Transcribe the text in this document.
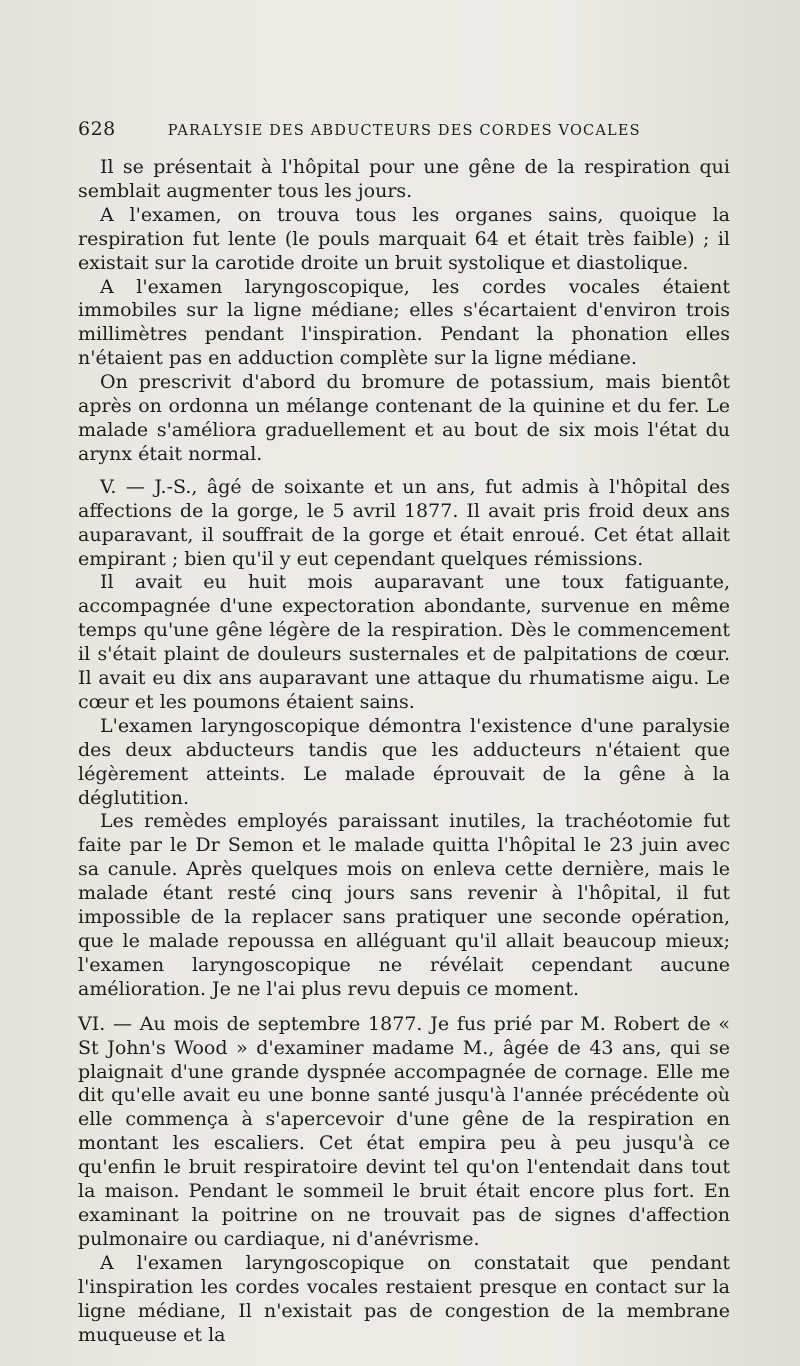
628	PARALYSIE DES ABDUCTEURS DES CORDES VOCALES

Il se présentait à l'hôpital pour une gêne de la respiration qui semblait augmenter tous les jours.

A l'examen, on trouva tous les organes sains, quoique la respiration fut lente (le pouls marquait 64 et était très faible) ; il existait sur la carotide droite un bruit systolique et diastolique.

A l'examen laryngoscopique, les cordes vocales étaient immobiles sur la ligne médiane; elles s'écartaient d'environ trois millimètres pendant l'inspiration. Pendant la phonation elles n'étaient pas en adduction complète sur la ligne médiane.

On prescrivit d'abord du bromure de potassium, mais bientôt après on ordonna un mélange contenant de la quinine et du fer. Le malade s'améliora graduellement et au bout de six mois l'état du arynx était normal.

V. — J.-S., âgé de soixante et un ans, fut admis à l'hôpital des affections de la gorge, le 5 avril 1877. Il avait pris froid deux ans auparavant, il souffrait de la gorge et était enroué. Cet état allait empirant ; bien qu'il y eut cependant quelques rémissions.

Il avait eu huit mois auparavant une toux fatiguante, accompagnée d'une expectoration abondante, survenue en même temps qu'une gêne légère de la respiration. Dès le commencement il s'était plaint de douleurs susternales et de palpitations de cœur. Il avait eu dix ans auparavant une attaque du rhumatisme aigu. Le cœur et les poumons étaient sains.

L'examen laryngoscopique démontra l'existence d'une paralysie des deux abducteurs tandis que les adducteurs n'étaient que légèrement atteints. Le malade éprouvait de la gêne à la déglutition.

Les remèdes employés paraissant inutiles, la trachéotomie fut faite par le Dr Semon et le malade quitta l'hôpital le 23 juin avec sa canule. Après quelques mois on enleva cette dernière, mais le malade étant resté cinq jours sans revenir à l'hôpital, il fut impossible de la replacer sans pratiquer une seconde opération, que le malade repoussa en alléguant qu'il allait beaucoup mieux; l'examen laryngoscopique ne révélait cependant aucune amélioration. Je ne l'ai plus revu depuis ce moment.

VI. — Au mois de septembre 1877. Je fus prié par M. Robert de « St John's Wood » d'examiner madame M., âgée de 43 ans, qui se plaignait d'une grande dyspnée accompagnée de cornage. Elle me dit qu'elle avait eu une bonne santé jusqu'à l'année précédente où elle commença à s'apercevoir d'une gêne de la respiration en montant les escaliers. Cet état empira peu à peu jusqu'à ce qu'enfin le bruit respiratoire devint tel qu'on l'entendait dans tout la maison. Pendant le sommeil le bruit était encore plus fort. En examinant la poitrine on ne trouvait pas de signes d'affection pulmonaire ou cardiaque, ni d'anévrisme.

A l'examen laryngoscopique on constatait que pendant l'inspiration les cordes vocales restaient presque en contact sur la ligne médiane, Il n'existait pas de congestion de la membrane muqueuse et la
